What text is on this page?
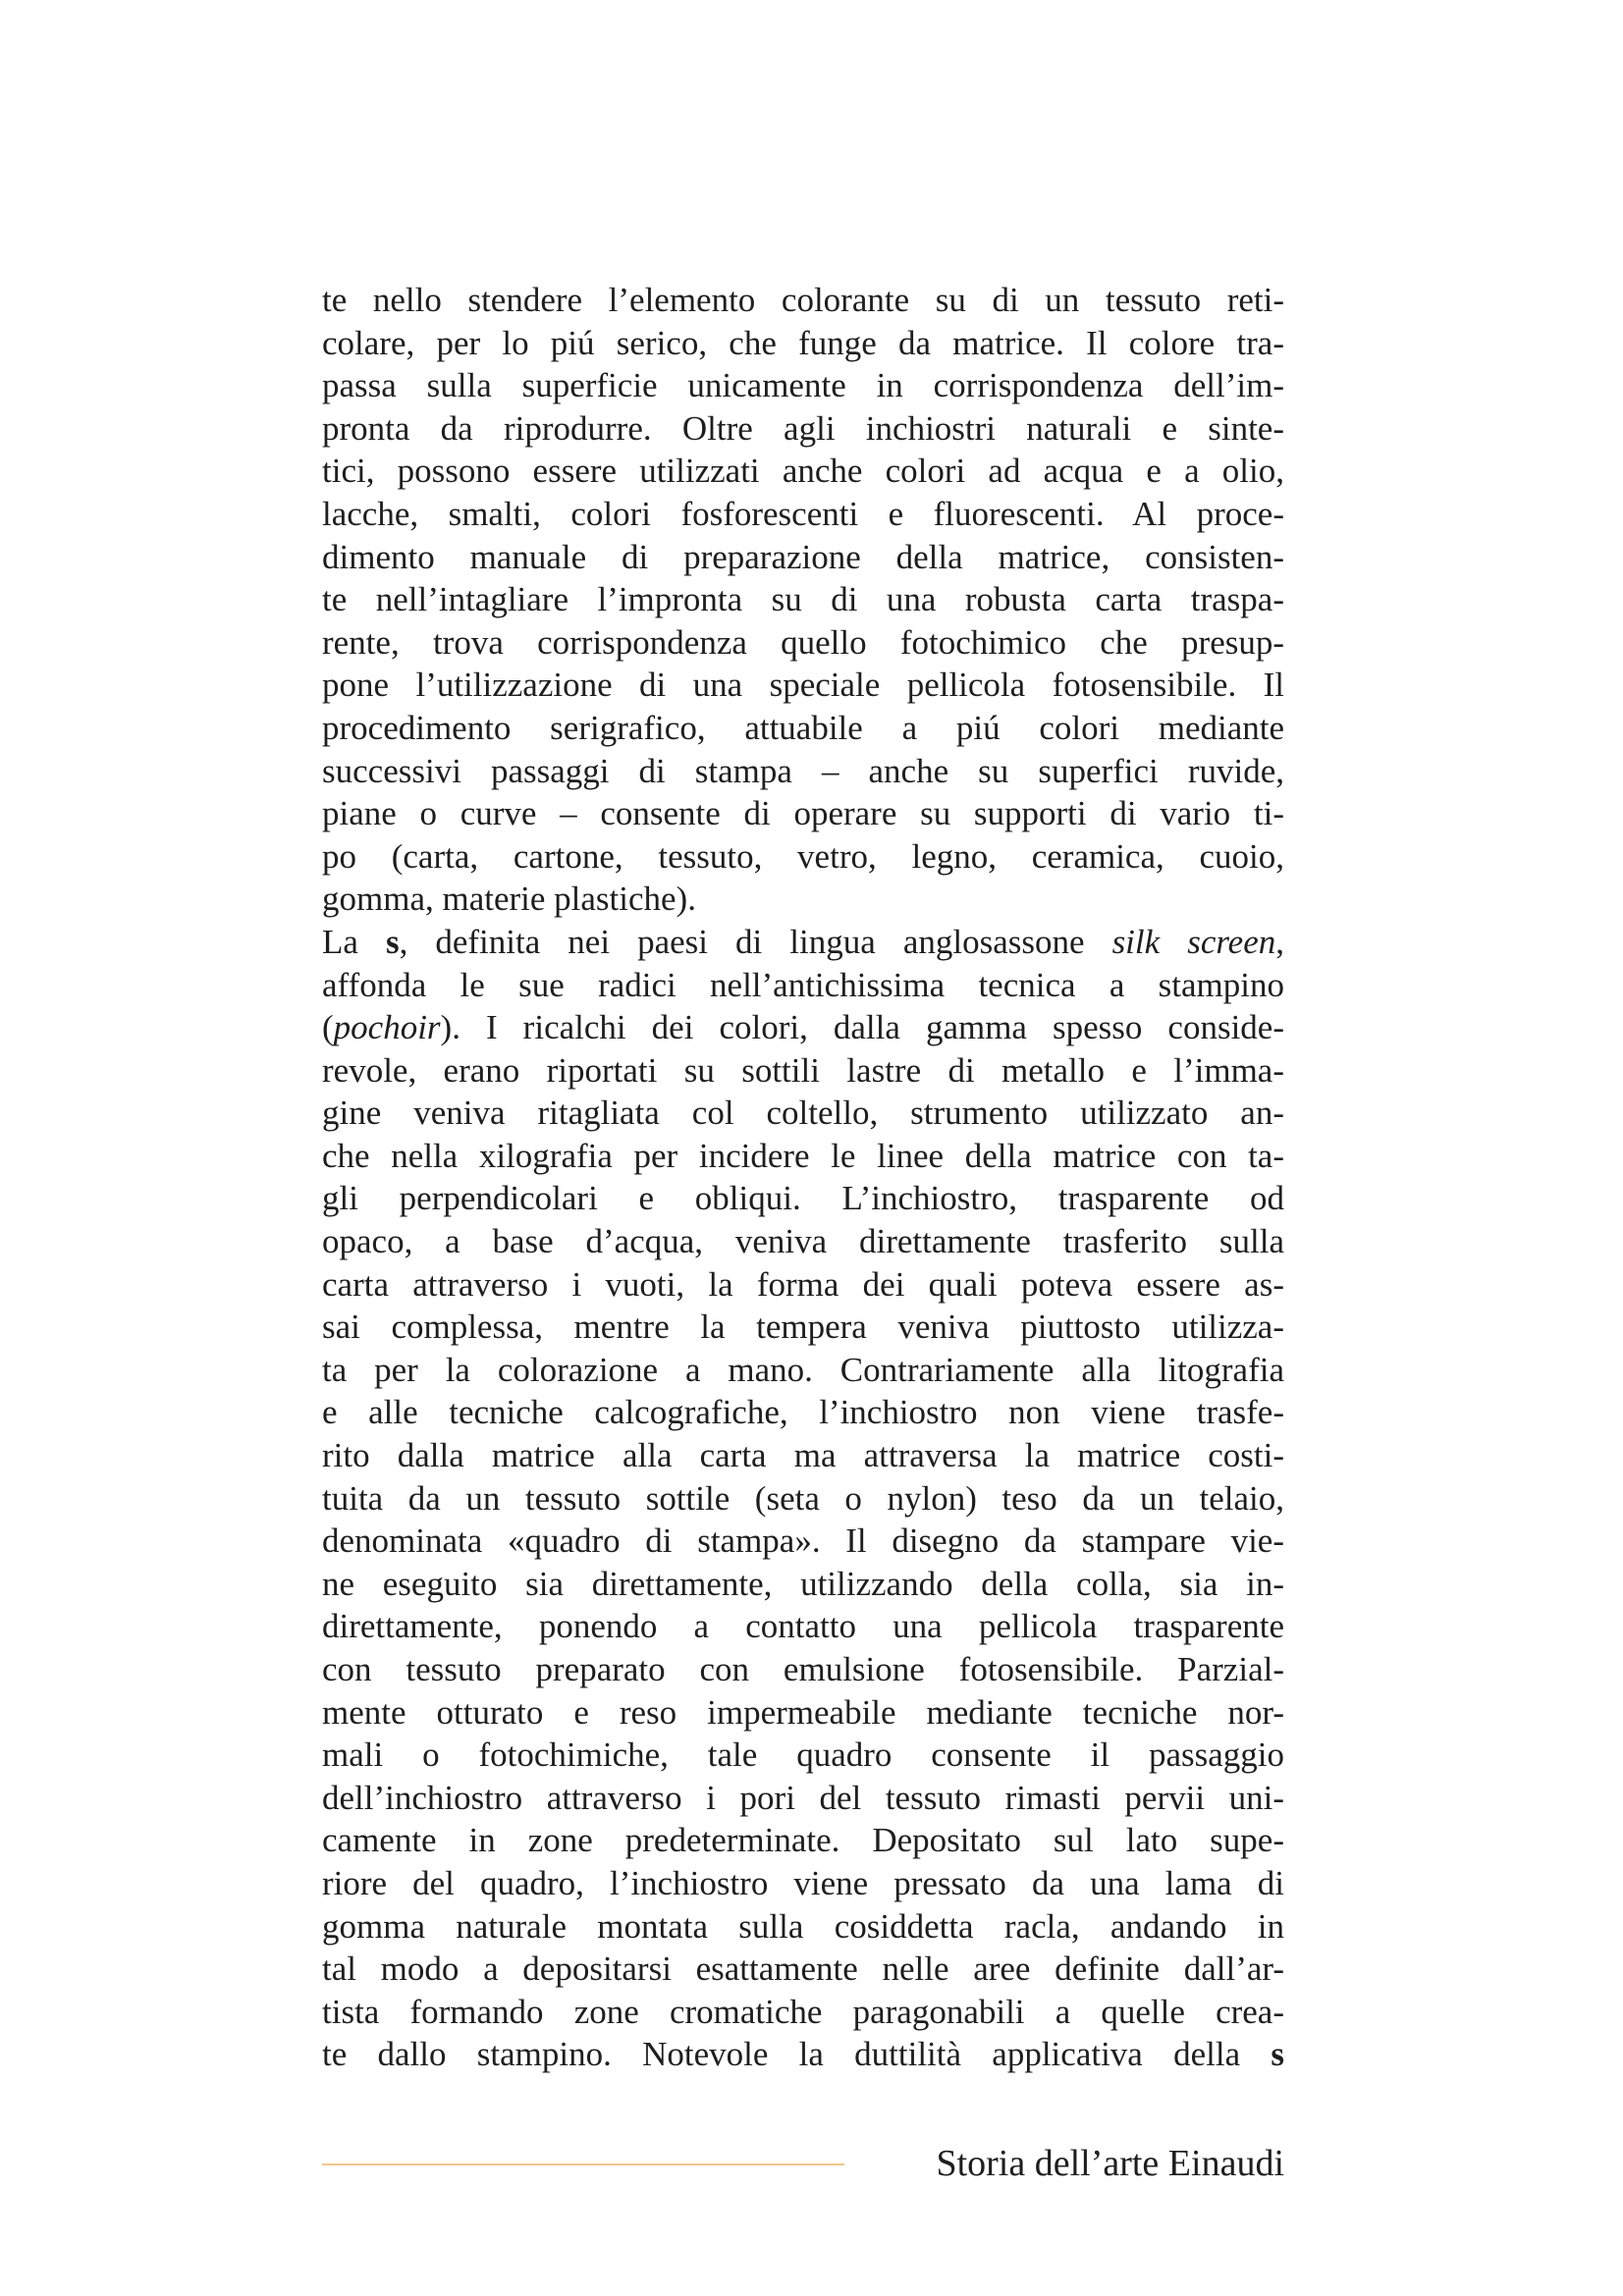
te nello stendere l’elemento colorante su di un tessuto reti-
colare, per lo piú serico, che funge da matrice. Il colore tra-
passa sulla superficie unicamente in corrispondenza dell’im-
pronta da riprodurre. Oltre agli inchiostri naturali e sinte-
tici, possono essere utilizzati anche colori ad acqua e a olio,
lacche, smalti, colori fosforescenti e fluorescenti. Al proce-
dimento manuale di preparazione della matrice, consisten-
te nell’intagliare l’impronta su di una robusta carta traspa-
rente, trova corrispondenza quello fotochimico che presup-
pone l’utilizzazione di una speciale pellicola fotosensibile. Il
procedimento serigrafico, attuabile a piú colori mediante
successivi passaggi di stampa – anche su superfici ruvide,
piane o curve – consente di operare su supporti di vario ti-
po (carta, cartone, tessuto, vetro, legno, ceramica, cuoio,
gomma, materie plastiche).
La s, definita nei paesi di lingua anglosassone silk screen,
affonda le sue radici nell’antichissima tecnica a stampino
(pochoir). I ricalchi dei colori, dalla gamma spesso conside-
revole, erano riportati su sottili lastre di metallo e l’imma-
gine veniva ritagliata col coltello, strumento utilizzato an-
che nella xilografia per incidere le linee della matrice con ta-
gli perpendicolari e obliqui. L’inchiostro, trasparente od
opaco, a base d’acqua, veniva direttamente trasferito sulla
carta attraverso i vuoti, la forma dei quali poteva essere as-
sai complessa, mentre la tempera veniva piuttosto utilizza-
ta per la colorazione a mano. Contrariamente alla litografia
e alle tecniche calcografiche, l’inchiostro non viene trasfe-
rito dalla matrice alla carta ma attraversa la matrice costi-
tuita da un tessuto sottile (seta o nylon) teso da un telaio,
denominata «quadro di stampa». Il disegno da stampare vie-
ne eseguito sia direttamente, utilizzando della colla, sia in-
direttamente, ponendo a contatto una pellicola trasparente
con tessuto preparato con emulsione fotosensibile. Parzial-
mente otturato e reso impermeabile mediante tecniche nor-
mali o fotochimiche, tale quadro consente il passaggio
dell’inchiostro attraverso i pori del tessuto rimasti pervii uni-
camente in zone predeterminate. Depositato sul lato supe-
riore del quadro, l’inchiostro viene pressato da una lama di
gomma naturale montata sulla cosiddetta racla, andando in
tal modo a depositarsi esattamente nelle aree definite dall’ar-
tista formando zone cromatiche paragonabili a quelle crea-
te dallo stampino. Notevole la duttilità applicativa della s
Storia dell’arte Einaudi
